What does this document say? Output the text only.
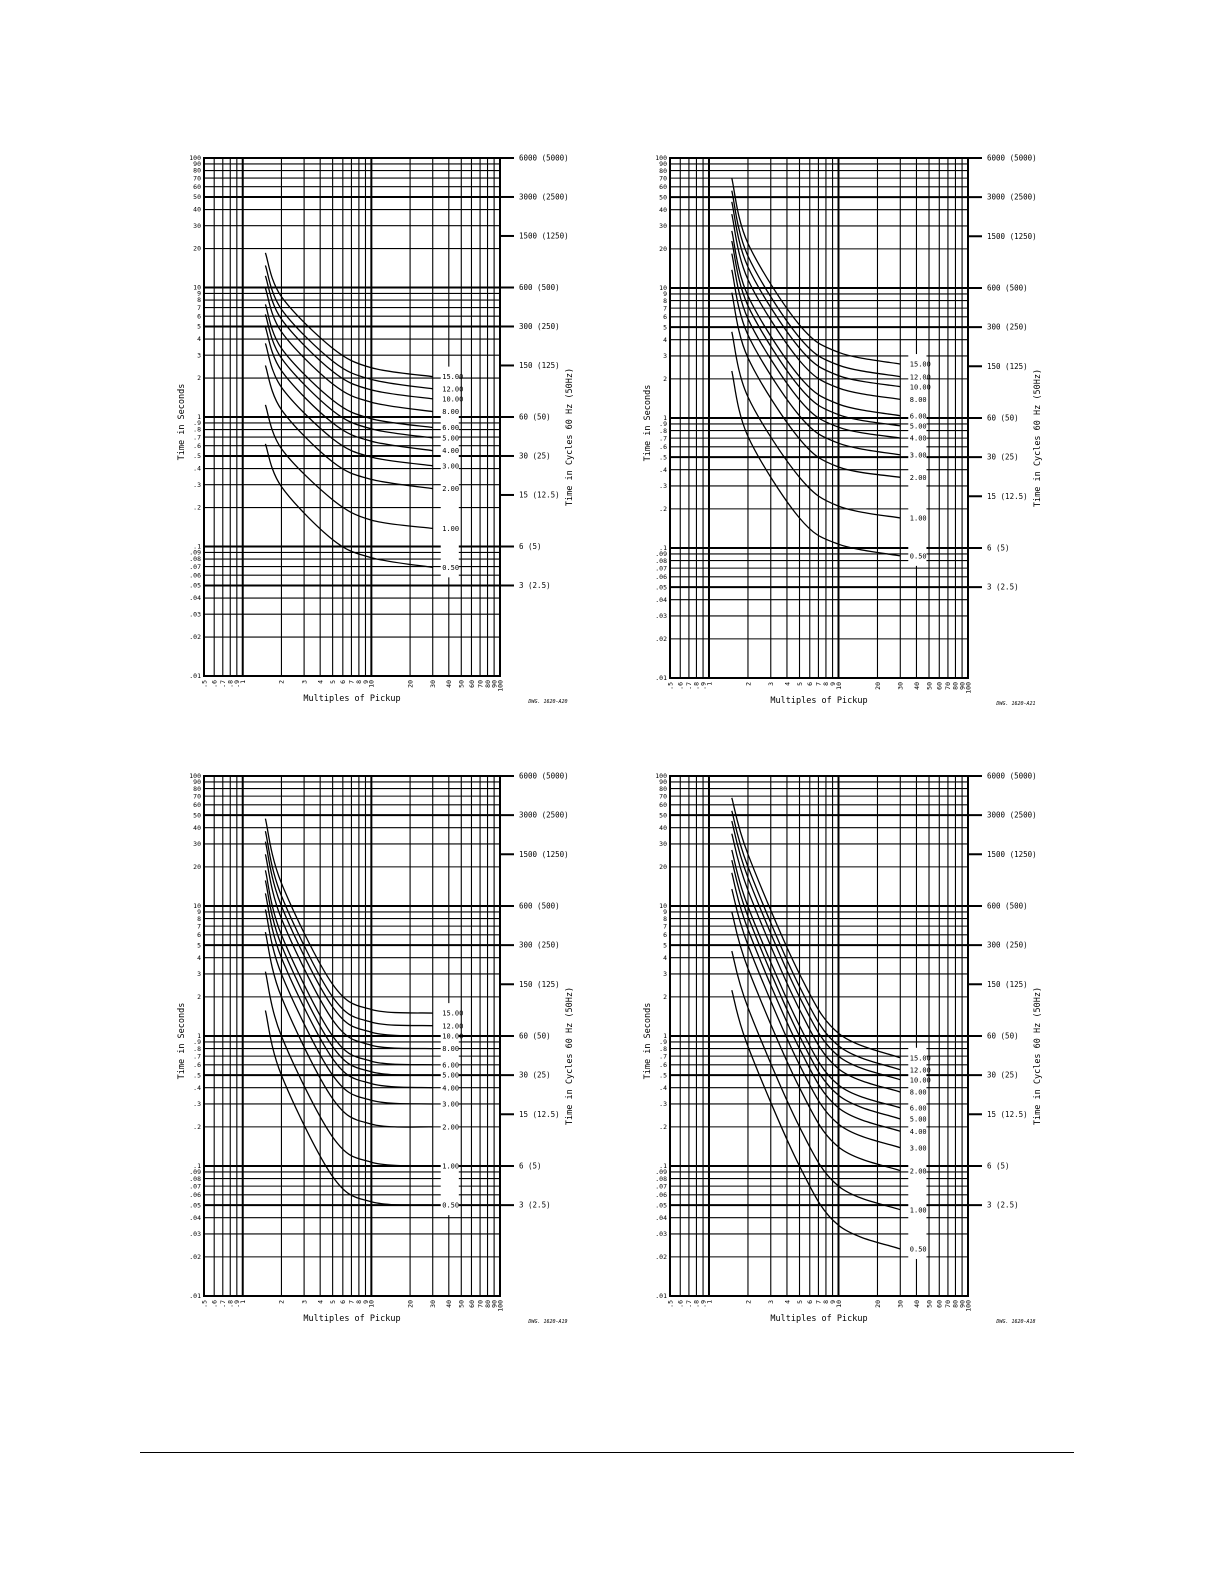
.01
.02
.03
.04
.05
.06
.07
.08
.09
.1
.2
.3
.4
.5
.6
.7
.8
.9
1
2
3
4
5
6
7
8
9
10
20
30
40
50
60
70
80
90
100
.5 .6 .7 .8
.9
1	2 3 4 5 6 7 8
9
10	20 30 40 50 60 70 80
90
100
6000 (5000)
3000 (2500)
1500 (1250)
600 (500)
300 (250)
150 (125)
60 (50)
30 (25)
15 (12.5)
6 (5)
3 (2.5)
15.00
12.00
10.00
8.00
6.00
5.00
4.00
3.00
2.00
1.00
0.50
Time in Seconds	Time in Cycles 60 Hz (50Hz)
Multiples of Pickup	DWG. 1620-A20
.01
.02
.03
.04
.05
.06
.07
.08
.09
.1
.2
.3
.4
.5
.6
.7
.8
.9
1
2
3
4
5
6
7
8
9
10
20
30
40
50
60
70
80
90
100
.5 .6 .7 .8
.9
1	2 3 4 5 6 7 8
9
10	20 30 40 50 60 70 80
90
100
6000 (5000)
3000 (2500)
1500 (1250)
600 (500)
300 (250)
150 (125)
60 (50)
30 (25)
15 (12.5)
6 (5)
3 (2.5)
15.00
12.00
10.00
8.00
6.00
5.00
4.00
3.00
2.00
1.00
0.50
Time in Seconds	Time in Cycles 60 Hz (50Hz)
Multiples of Pickup	DWG. 1620-A21
.01
.02
.03
.04
.05
.06
.07
.08
.09
.1
.2
.3
.4
.5
.6
.7
.8
.9
1
2
3
4
5
6
7
8
9
10
20
30
40
50
60
70
80
90
100
.5 .6 .7 .8
.9
1	2 3 4 5 6 7 8
9
10	20 30 40 50 60 70 80
90
100
6000 (5000)
3000 (2500)
1500 (1250)
600 (500)
300 (250)
150 (125)
60 (50)
30 (25)
15 (12.5)
6 (5)
3 (2.5)
15.00
12.00
10.00
8.00
6.00
5.00
4.00
3.00
2.00
1.00
0.50
Time in Seconds	Time in Cycles 60 Hz (50Hz)
Multiples of Pickup	DWG. 1620-A19
.01
.02
.03
.04
.05
.06
.07
.08
.09
.1
.2
.3
.4
.5
.6
.7
.8
.9
1
2
3
4
5
6
7
8
9
10
20
30
40
50
60
70
80
90
100
.5 .6 .7 .8
.9
1	2 3 4 5 6 7 8
9
10	20 30 40 50 60 70 80
90
100
6000 (5000)
3000 (2500)
1500 (1250)
600 (500)
300 (250)
150 (125)
60 (50)
30 (25)
15 (12.5)
6 (5)
3 (2.5)
15.00
12.00
10.00
8.00
6.00
5.00
4.00
3.00
2.00
1.00
0.50
Time in Seconds	Time in Cycles 60 Hz (50Hz)
Multiples of Pickup	DWG. 1620-A18
